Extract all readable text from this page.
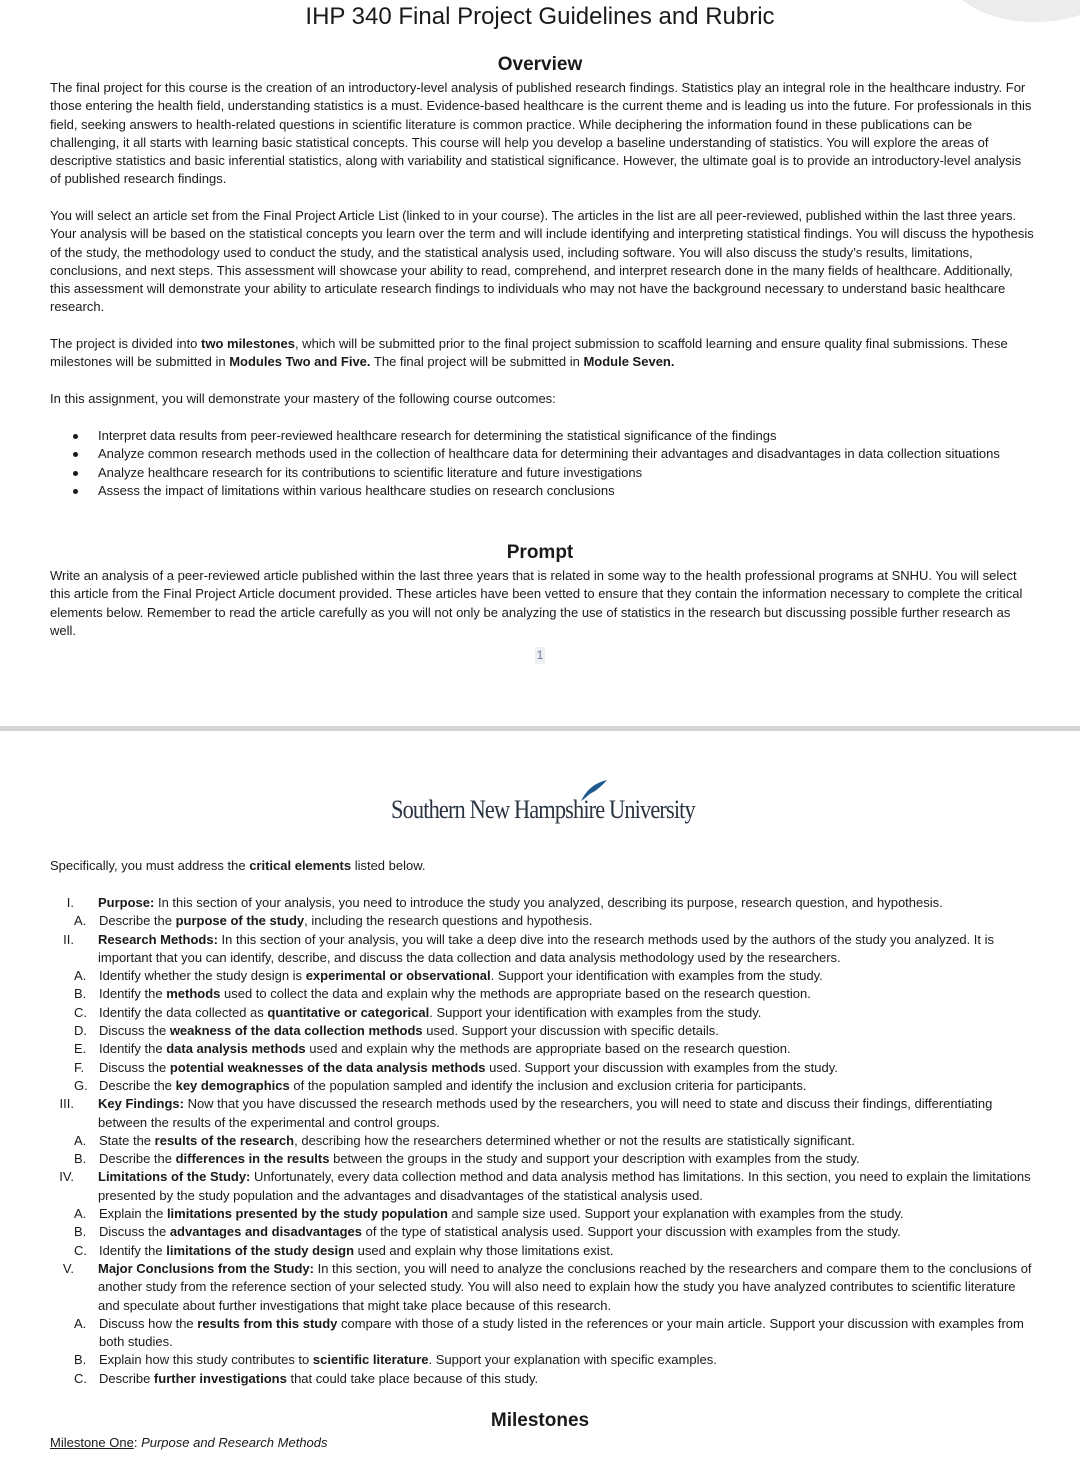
IHP 340 Final Project Guidelines and Rubric
Overview

The final project for this course is the creation of an introductory-level analysis of published research findings. Statistics play an integral role in the healthcare industry. For those entering the health field, understanding statistics is a must. Evidence-based healthcare is the current theme and is leading us into the future. For professionals in this field, seeking answers to health-related questions in scientific literature is common practice. While deciphering the information found in these publications can be challenging, it all starts with learning basic statistical concepts. This course will help you develop a baseline understanding of statistics. You will explore the areas of descriptive statistics and basic inferential statistics, along with variability and statistical significance. However, the ultimate goal is to provide an introductory-level analysis of published research findings.

You will select an article set from the Final Project Article List (linked to in your course). The articles in the list are all peer-reviewed, published within the last three years. Your analysis will be based on the statistical concepts you learn over the term and will include identifying and interpreting statistical findings. You will discuss the hypothesis of the study, the methodology used to conduct the study, and the statistical analysis used, including software. You will also discuss the study’s results, limitations, conclusions, and next steps. This assessment will showcase your ability to read, comprehend, and interpret research done in the many fields of healthcare. Additionally, this assessment will demonstrate your ability to articulate research findings to individuals who may not have the background necessary to understand basic healthcare research.

The project is divided into two milestones, which will be submitted prior to the final project submission to scaffold learning and ensure quality final submissions. These milestones will be submitted in Modules Two and Five. The final project will be submitted in Module Seven.

In this assignment, you will demonstrate your mastery of the following course outcomes:

Interpret data results from peer-reviewed healthcare research for determining the statistical significance of the findings
Analyze common research methods used in the collection of healthcare data for determining their advantages and disadvantages in data collection situations
Analyze healthcare research for its contributions to scientific literature and future investigations
Assess the impact of limitations within various healthcare studies on research conclusions
Prompt

Write an analysis of a peer-reviewed article published within the last three years that is related in some way to the health professional programs at SNHU. You will select this article from the Final Project Article document provided. These articles have been vetted to ensure that they contain the information necessary to complete the critical elements below. Remember to read the article carefully as you will not only be analyzing the use of statistics in the research but discussing possible further research as well.

1
Southern New Hampshire University

Specifically, you must address the critical elements listed below.

I. Purpose: In this section of your analysis, you need to introduce the study you analyzed, describing its purpose, research question, and hypothesis.
A. Describe the purpose of the study, including the research questions and hypothesis.
II. Research Methods: In this section of your analysis, you will take a deep dive into the research methods used by the authors of the study you analyzed. It is important that you can identify, describe, and discuss the data collection and data analysis methodology used by the researchers.
A. Identify whether the study design is experimental or observational. Support your identification with examples from the study.
B. Identify the methods used to collect the data and explain why the methods are appropriate based on the research question.
C. Identify the data collected as quantitative or categorical. Support your identification with examples from the study.
D. Discuss the weakness of the data collection methods used. Support your discussion with specific details.
E. Identify the data analysis methods used and explain why the methods are appropriate based on the research question.
F. Discuss the potential weaknesses of the data analysis methods used. Support your discussion with examples from the study.
G. Describe the key demographics of the population sampled and identify the inclusion and exclusion criteria for participants.
III. Key Findings: Now that you have discussed the research methods used by the researchers, you will need to state and discuss their findings, differentiating between the results of the experimental and control groups.
A. State the results of the research, describing how the researchers determined whether or not the results are statistically significant.
B. Describe the differences in the results between the groups in the study and support your description with examples from the study.
IV. Limitations of the Study: Unfortunately, every data collection method and data analysis method has limitations. In this section, you need to explain the limitations presented by the study population and the advantages and disadvantages of the statistical analysis used.
A. Explain the limitations presented by the study population and sample size used. Support your explanation with examples from the study.
B. Discuss the advantages and disadvantages of the type of statistical analysis used. Support your discussion with examples from the study.
C. Identify the limitations of the study design used and explain why those limitations exist.
V. Major Conclusions from the Study: In this section, you will need to analyze the conclusions reached by the researchers and compare them to the conclusions of another study from the reference section of your selected study. You will also need to explain how the study you have analyzed contributes to scientific literature and speculate about further investigations that might take place because of this research.
A. Discuss how the results from this study compare with those of a study listed in the references or your main article. Support your discussion with examples from both studies.
B. Explain how this study contributes to scientific literature. Support your explanation with specific examples.
C. Describe further investigations that could take place because of this study.
Milestones
Milestone One: Purpose and Research Methods
